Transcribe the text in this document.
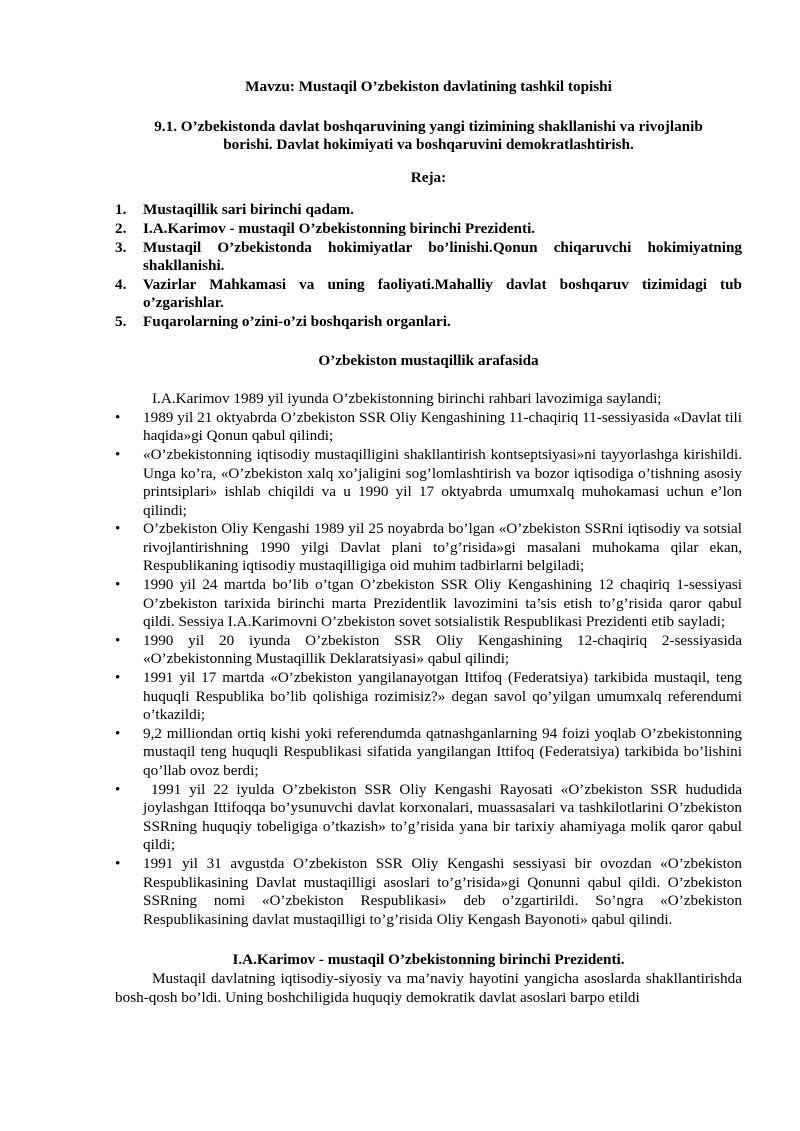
Mavzu: Mustaqil O’zbekiston davlatining tashkil topishi
9.1. O’zbekistonda davlat boshqaruvining yangi tizimining shakllanishi va rivojlanib borishi. Davlat hokimiyati va boshqaruvini demokratlashtirish.
Reja:
1. Mustaqillik sari birinchi qadam.
2. I.A.Karimov - mustaqil O’zbekistonning birinchi Prezidenti.
3. Mustaqil O’zbekistonda hokimiyatlar bo’linishi.Qonun chiqaruvchi hokimiyatning shakllanishi.
4. Vazirlar Mahkamasi va uning faoliyati.Mahalliy davlat boshqaruv tizimidagi tub o’zgarishlar.
5. Fuqarolarning o’zini-o’zi boshqarish organlari.
O’zbekiston mustaqillik arafasida

I.A.Karimov 1989 yil iyunda O’zbekistonning birinchi rahbari lavozimiga saylandi;

• 1989 yil 21 oktyabrda O’zbekiston SSR Oliy Kengashining 11-chaqiriq 11-sessiyasida «Davlat tili haqida»gi Qonun qabul qilindi;
• «O’zbekistonning iqtisodiy mustaqilligini shakllantirish kontseptsiyasi»ni tayyorlashga kirishildi. Unga ko’ra, «O’zbekiston xalq xo’jaligini sog’lomlashtirish va bozor iqtisodiga o’tishning asosiy printsiplari» ishlab chiqildi va u 1990 yil 17 oktyabrda umumxalq muhokamasi uchun e’lon qilindi;
• O’zbekiston Oliy Kengashi 1989 yil 25 noyabrda bo’lgan «O’zbekiston SSRni iqtisodiy va sotsial rivojlantirishning 1990 yilgi Davlat plani to’g’risida»gi masalani muhokama qilar ekan, Respublikaning iqtisodiy mustaqilligiga oid muhim tadbirlarni belgiladi;
• 1990 yil 24 martda bo’lib o’tgan O’zbekiston SSR Oliy Kengashining 12 chaqiriq 1-sessiyasi O’zbekiston tarixida birinchi marta Prezidentlik lavozimini ta’sis etish to’g’risida qaror qabul qildi. Sessiya I.A.Karimovni O’zbekiston sovet sotsialistik Respublikasi Prezidenti etib sayladi;
• 1990 yil 20 iyunda O’zbekiston SSR Oliy Kengashining 12-chaqiriq 2-sessiyasida «O’zbekistonning Mustaqillik Deklaratsiyasi» qabul qilindi;
• 1991 yil 17 martda «O’zbekiston yangilanayotgan Ittifoq (Federatsiya) tarkibida mustaqil, teng huquqli Respublika bo’lib qolishiga rozimisiz?» degan savol qo’yilgan umumxalq referendumi o’tkazildi;
• 9,2 milliondan ortiq kishi yoki referendumda qatnashganlarning 94 foizi yoqlab O’zbekistonning mustaqil teng huquqli Respublikasi sifatida yangilangan Ittifoq (Federatsiya) tarkibida bo’lishini qo’llab ovoz berdi;
• 1991 yil 22 iyulda O’zbekiston SSR Oliy Kengashi Rayosati «O’zbekiston SSR hududida joylashgan Ittifoqqa bo’ysunuvchi davlat korxonalari, muassasalari va tashkilotlarini O’zbekiston SSRning huquqiy tobeligiga o’tkazish» to’g’risida yana bir tarixiy ahamiyaga molik qaror qabul qildi;
• 1991 yil 31 avgustda O’zbekiston SSR Oliy Kengashi sessiyasi bir ovozdan «O’zbekiston Respublikasining Davlat mustaqilligi asoslari to’g’risida»gi Qonunni qabul qildi. O’zbekiston SSRning nomi «O’zbekiston Respublikasi» deb o’zgartirildi. So’ngra «O’zbekiston Respublikasining davlat mustaqilligi to’g’risida Oliy Kengash Bayonoti» qabul qilindi.
I.A.Karimov - mustaqil O’zbekistonning birinchi Prezidenti.

Mustaqil davlatning iqtisodiy-siyosiy va ma’naviy hayotini yangicha asoslarda shakllantirishda bosh-qosh bo’ldi. Uning boshchiligida huquqiy demokratik davlat asoslari barpo etildi
